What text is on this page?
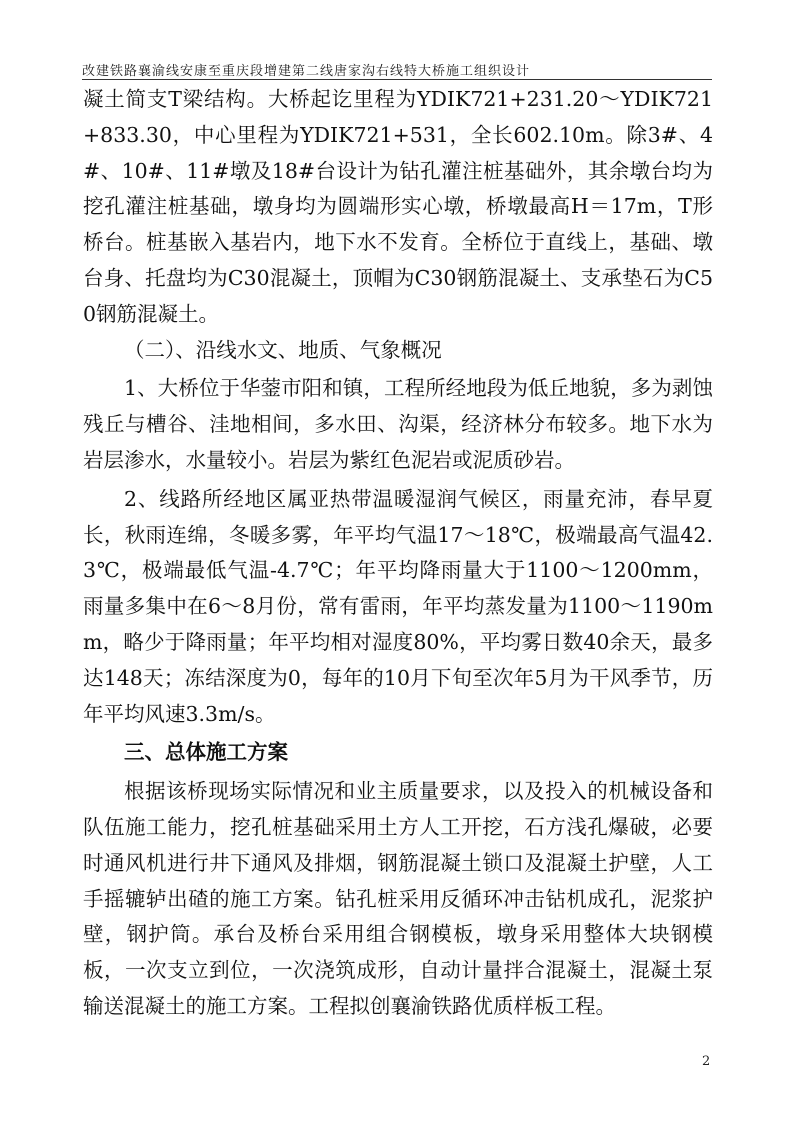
改建铁路襄渝线安康至重庆段增建第二线唐家沟右线特大桥施工组织设计

凝土简支T梁结构。大桥起讫里程为YDIK721+231.20～YDIK721+833.30，中心里程为YDIK721+531，全长602.10m。除3#、4#、10#、11#墩及18#台设计为钻孔灌注桩基础外，其余墩台均为挖孔灌注桩基础，墩身均为圆端形实心墩，桥墩最高H＝17m，T形桥台。桩基嵌入基岩内，地下水不发育。全桥位于直线上，基础、墩台身、托盘均为C30混凝土，顶帽为C30钢筋混凝土、支承垫石为C50钢筋混凝土。

（二）、沿线水文、地质、气象概况

1、大桥位于华蓥市阳和镇，工程所经地段为低丘地貌，多为剥蚀残丘与槽谷、洼地相间，多水田、沟渠，经济林分布较多。地下水为岩层渗水，水量较小。岩层为紫红色泥岩或泥质砂岩。

2、线路所经地区属亚热带温暖湿润气候区，雨量充沛，春早夏长，秋雨连绵，冬暖多雾，年平均气温17～18℃，极端最高气温42.3℃，极端最低气温-4.7℃；年平均降雨量大于1100～1200mm，雨量多集中在6～8月份，常有雷雨，年平均蒸发量为1100～1190mm，略少于降雨量；年平均相对湿度80%，平均雾日数40余天，最多达148天；冻结深度为0，每年的10月下旬至次年5月为干风季节，历年平均风速3.3m/s。

三、总体施工方案

根据该桥现场实际情况和业主质量要求，以及投入的机械设备和队伍施工能力，挖孔桩基础采用土方人工开挖，石方浅孔爆破，必要时通风机进行井下通风及排烟，钢筋混凝土锁口及混凝土护壁，人工手摇辘轳出碴的施工方案。钻孔桩采用反循环冲击钻机成孔，泥浆护壁，钢护筒。承台及桥台采用组合钢模板，墩身采用整体大块钢模板，一次支立到位，一次浇筑成形，自动计量拌合混凝土，混凝土泵输送混凝土的施工方案。工程拟创襄渝铁路优质样板工程。

2
